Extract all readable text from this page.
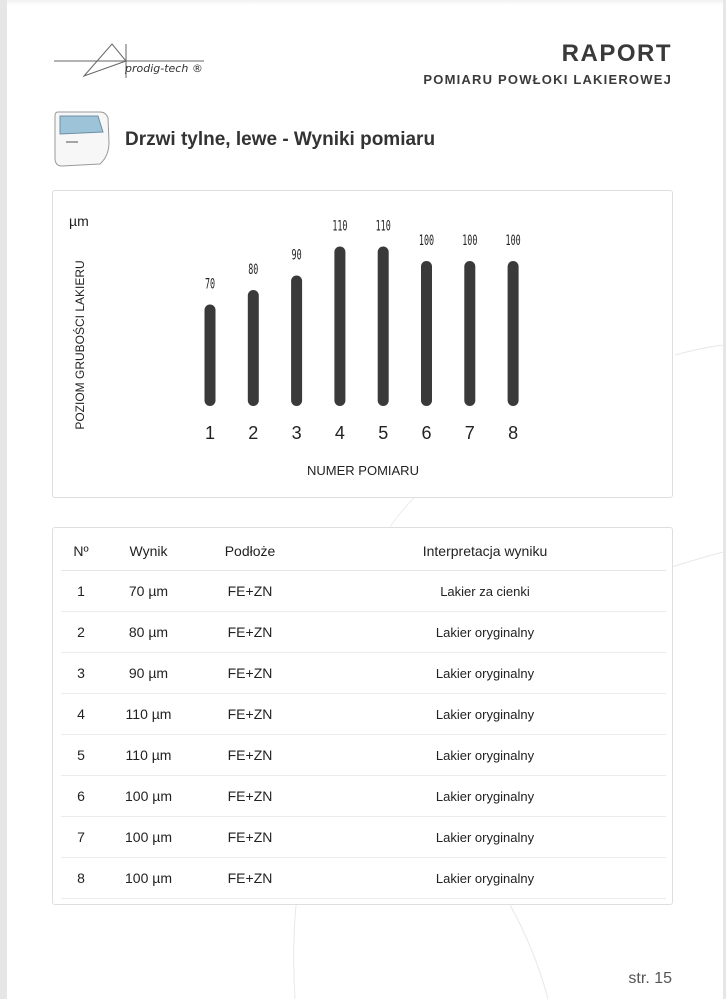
prodig-tech ®
RAPORT
POMIARU POWŁOKI LAKIEROWEJ
Drzwi tylne, lewe - Wyniki pomiaru
µm
POZIOM GRUBOŚCI LAKIERU
NUMER POMIARU
70
1
80
2
90
3
110
4
110
5
100
6
100
7
100
8
Nº	Wynik	Podłoże	Interpretacja wyniku
1	70 µm	FE+ZN	Lakier za cienki
2	80 µm	FE+ZN	Lakier oryginalny
3	90 µm	FE+ZN	Lakier oryginalny
4	110 µm	FE+ZN	Lakier oryginalny
5	110 µm	FE+ZN	Lakier oryginalny
6	100 µm	FE+ZN	Lakier oryginalny
7	100 µm	FE+ZN	Lakier oryginalny
8	100 µm	FE+ZN	Lakier oryginalny
str. 15
